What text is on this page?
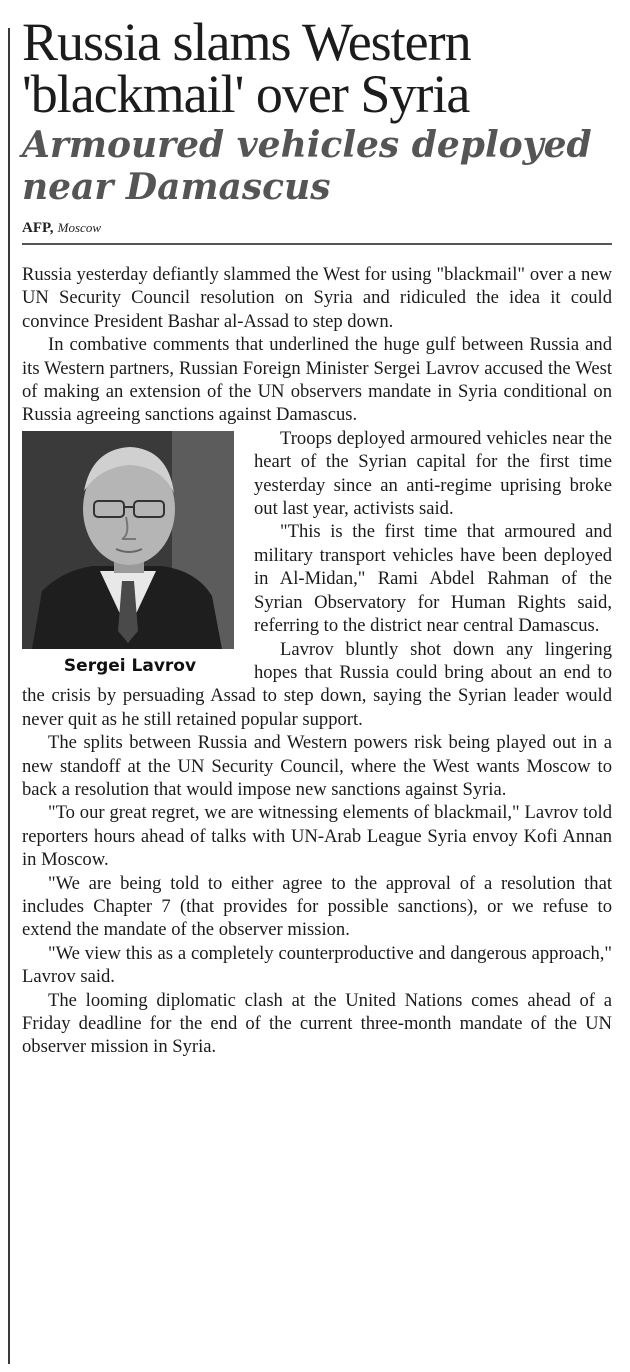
Russia slams Western 'blackmail' over Syria
Armoured vehicles deployed near Damascus
AFP, Moscow

Russia yesterday defiantly slammed the West for using "blackmail" over a new UN Security Council resolution on Syria and ridiculed the idea it could convince President Bashar al-Assad to step down.

In combative comments that underlined the huge gulf between Russia and its Western partners, Russian Foreign Minister Sergei Lavrov accused the West of making an extension of the UN observers mandate in Syria conditional on Russia agreeing sanctions against Damascus.

Sergei Lavrov

Troops deployed armoured vehicles near the heart of the Syrian capital for the first time yesterday since an anti-regime uprising broke out last year, activists said.

"This is the first time that armoured and military transport vehicles have been deployed in Al-Midan," Rami Abdel Rahman of the Syrian Observatory for Human Rights said, referring to the district near central Damascus.

Lavrov bluntly shot down any lingering hopes that Russia could bring about an end to the crisis by persuading Assad to step down, saying the Syrian leader would never quit as he still retained popular support.

The splits between Russia and Western powers risk being played out in a new standoff at the UN Security Council, where the West wants Moscow to back a resolution that would impose new sanctions against Syria.

"To our great regret, we are witnessing elements of blackmail," Lavrov told reporters hours ahead of talks with UN-Arab League Syria envoy Kofi Annan in Moscow.

"We are being told to either agree to the approval of a resolution that includes Chapter 7 (that provides for possible sanctions), or we refuse to extend the mandate of the observer mission.

"We view this as a completely counterproductive and dangerous approach," Lavrov said.

The looming diplomatic clash at the United Nations comes ahead of a Friday deadline for the end of the current three-month mandate of the UN observer mission in Syria.
